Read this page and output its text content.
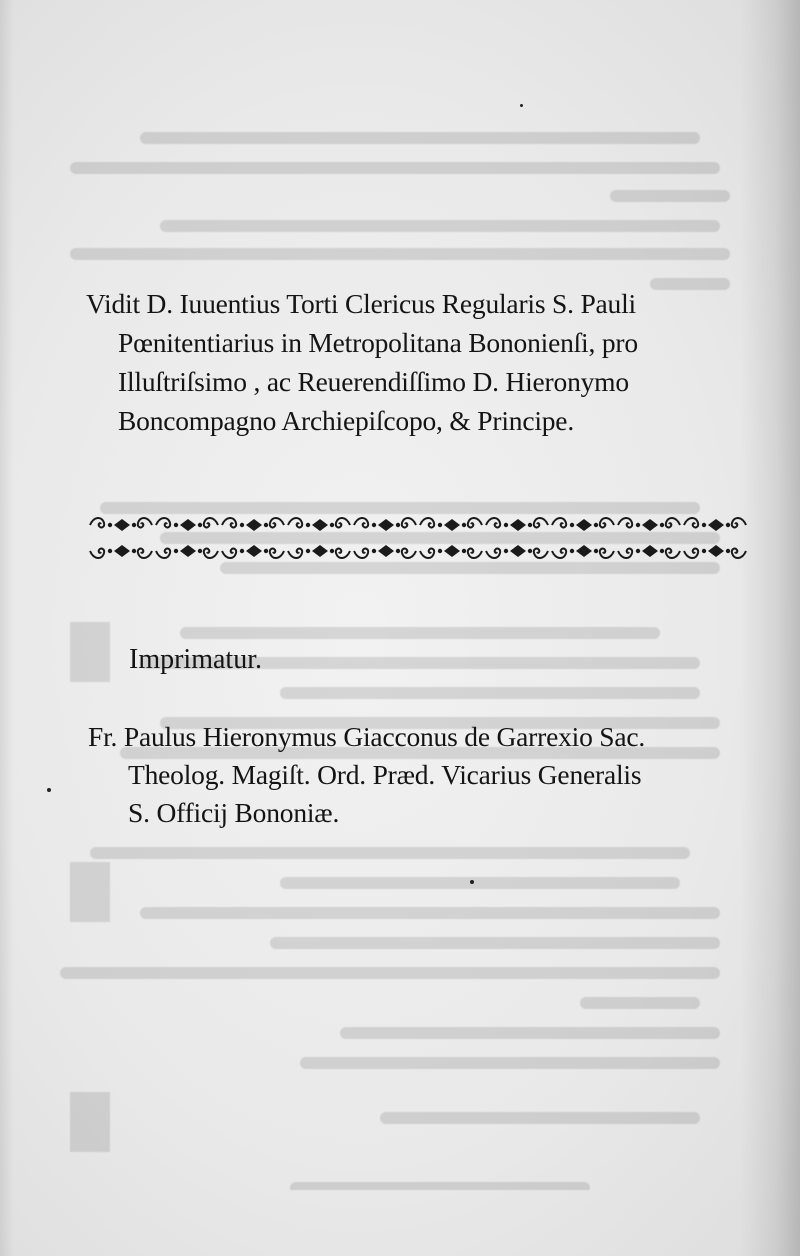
Vidit D. Iuuentius Torti Clericus Regularis S. Pauli
Pœnitentiarius in Metropolitana Bononienſi, pro
Illuſtriſsimo , ac Reuerendiſſimo D. Hieronymo
Boncompagno Archiepiſcopo, & Principe.
Imprimatur.
Fr. Paulus Hieronymus Giacconus de Garrexio Sac.
Theolog. Magiſt. Ord. Præd. Vicarius Generalis
S. Officij Bononiæ.
